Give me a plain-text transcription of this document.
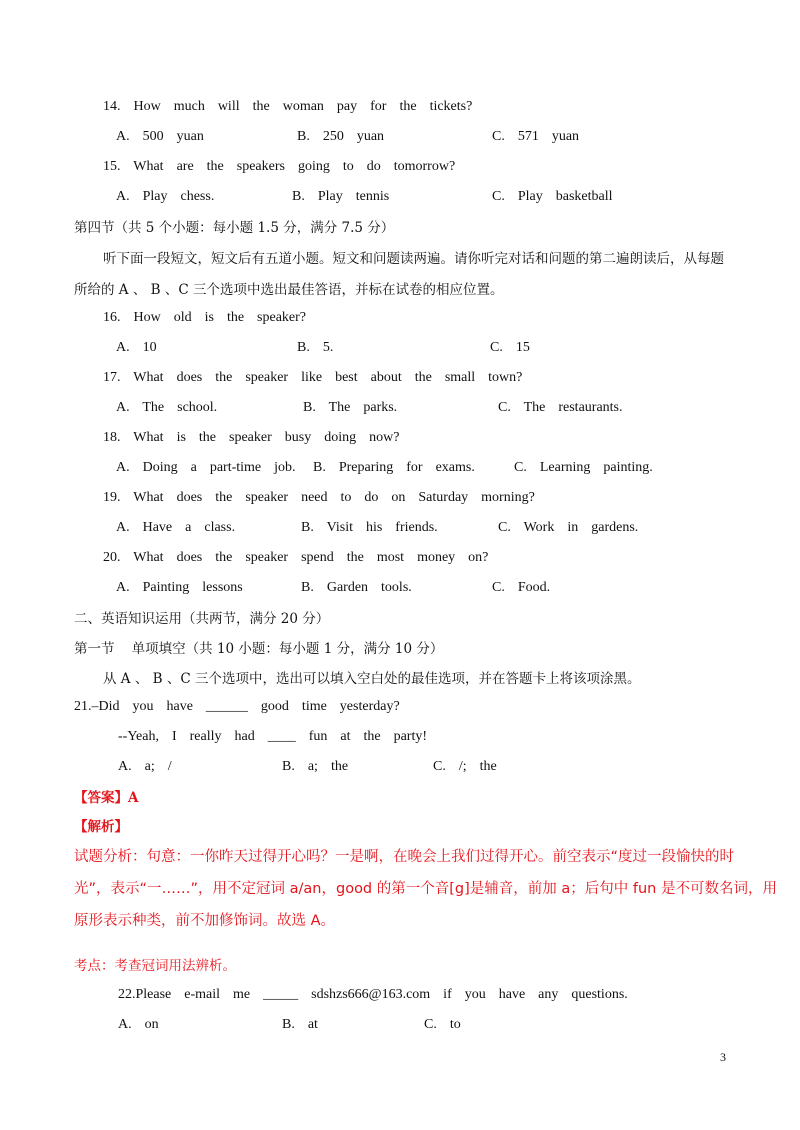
14.  How  much  will  the  woman  pay  for  the  tickets?
A.  500  yuan	B.  250  yuan	C.  571  yuan
15.  What  are  the  speakers  going  to  do  tomorrow?
A.  Play  chess.	B.  Play  tennis	C.  Play  basketball
第四节（共 5 个小题：每小题 1.5 分，满分 7.5 分）
听下面一段短文，短文后有五道小题。短文和问题读两遍。请你听完对话和问题的第二遍朗读后，从每题
所给的 A 、 B 、C 三个选项中选出最佳答语，并标在试卷的相应位置。
16.  How  old  is  the  speaker?
A.  10	B.  5.	C.  15
17.  What  does  the  speaker  like  best  about  the  small  town?
A.  The  school.	B.  The  parks.	C.  The  restaurants.
18.  What  is  the  speaker  busy  doing  now?
A.  Doing  a  part-time  job. B.  Preparing  for  exams.	C.  Learning  painting.
19.  What  does  the  speaker  need  to  do  on  Saturday  morning?
A.  Have  a  class.	B.  Visit  his  friends.	C.  Work  in  gardens.
20.  What  does  the  speaker  spend  the  most  money  on?
A.  Painting  lessons	B.  Garden  tools.	C.  Food.
二、英语知识运用（共两节，满分 20 分）
第一节    单项填空（共 10 小题：每小题 1 分，满分 10 分）
从 A 、 B 、C 三个选项中，选出可以填入空白处的最佳选项，并在答题卡上将该项涂黑。
21.–Did  you  have  ______  good  time  yesterday?
--Yeah,  I  really  had  ____  fun  at  the  party!
A.  a;  /	B.  a;  the	C.  /;  the
【答案】A
【解析】
试题分析：句意：一你昨天过得开心吗？一是啊，在晚会上我们过得开心。前空表示“度过一段愉快的时
光”，表示“一……”，用不定冠词 a/an，good 的第一个音[g]是辅音，前加 a；后句中 fun 是不可数名词，用
原形表示种类，前不加修饰词。故选 A。
考点：考查冠词用法辨析。
22.Please  e-mail  me  _____  sdshzs666@163.com  if  you  have  any  questions.
A.  on	B.  at	C.  to
3
